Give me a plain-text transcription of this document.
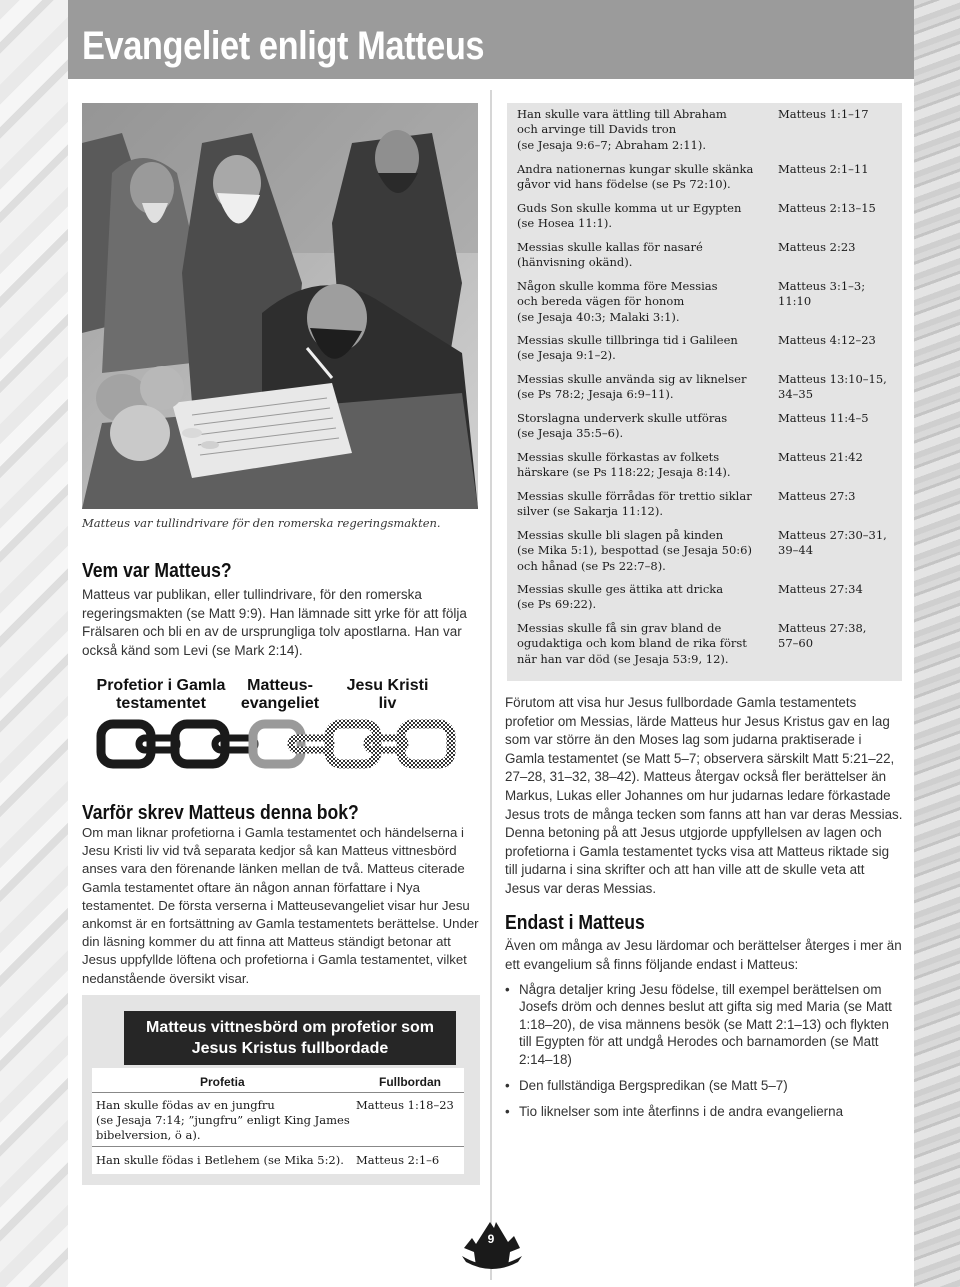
Evangeliet enligt Matteus
Matteus var tullindrivare för den romerska regeringsmakten.
Vem var Matteus?

Matteus var publikan, eller tullindrivare, för den romerska regeringsmakten (se Matt 9:9). Han lämnade sitt yrke för att följa Frälsaren och bli en av de ursprungliga tolv apostlarna. Han var också känd som Levi (se Mark 2:14).

Profetior i Gamla testamentet
Matteus-evangeliet
Jesu Kristi liv
Varför skrev Matteus denna bok?

Om man liknar profetiorna i Gamla testamentet och händelserna i Jesu Kristi liv vid två separata kedjor så kan Matteus vittnesbörd anses vara den förenande länken mellan de två. Matteus citerade Gamla testamentet oftare än någon annan författare i Nya testamentet. De första verserna i Matteusevangeliet visar hur Jesu ankomst är en fortsättning av Gamla testamentets berättelse. Under din läsning kommer du att finna att Matteus ständigt betonar att Jesus uppfyllde löftena och profetiorna i Gamla testamentet, vilket nedanstående översikt visar.

Matteus vittnesbörd om profetior som
Jesus Kristus fullbordade
Profetia	Fullbordan
Han skulle födas av en jungfru
(se Jesaja 7:14; ”jungfru” enligt King James
bibelversion, ö a).
Matteus 1:18–23
Han skulle födas i Betlehem (se Mika 5:2).	Matteus 2:1–6
Han skulle vara ättling till Abraham
och arvinge till Davids tron
(se Jesaja 9:6–7; Abraham 2:11).
Matteus 1:1–17
Andra nationernas kungar skulle skänka
gåvor vid hans födelse (se Ps 72:10).
Matteus 2:1–11
Guds Son skulle komma ut ur Egypten
(se Hosea 11:1).
Matteus 2:13–15
Messias skulle kallas för nasaré
(hänvisning okänd).
Matteus 2:23
Någon skulle komma före Messias
och bereda vägen för honom
(se Jesaja 40:3; Malaki 3:1).
Matteus 3:1–3;
11:10
Messias skulle tillbringa tid i Galileen
(se Jesaja 9:1–2).
Matteus 4:12–23
Messias skulle använda sig av liknelser
(se Ps 78:2; Jesaja 6:9–11).
Matteus 13:10–15,
34–35
Storslagna underverk skulle utföras
(se Jesaja 35:5–6).
Matteus 11:4–5
Messias skulle förkastas av folkets
härskare (se Ps 118:22; Jesaja 8:14).
Matteus 21:42
Messias skulle förrådas för trettio siklar
silver (se Sakarja 11:12).
Matteus 27:3
Messias skulle bli slagen på kinden
(se Mika 5:1), bespottad (se Jesaja 50:6)
och hånad (se Ps 22:7–8).
Matteus 27:30–31,
39–44
Messias skulle ges ättika att dricka
(se Ps 69:22).
Matteus 27:34
Messias skulle få sin grav bland de
ogudaktiga och kom bland de rika först
när han var död (se Jesaja 53:9, 12).
Matteus 27:38,
57–60

Förutom att visa hur Jesus fullbordade Gamla testamentets profetior om Messias, lärde Matteus hur Jesus Kristus gav en lag som var större än den Moses lag som judarna praktiserade i Gamla testamentet (se Matt 5–7; observera särskilt Matt 5:21–22, 27–28, 31–32, 38–42). Matteus återgav också fler berättelser än Markus, Lukas eller Johannes om hur judarnas ledare förkastade Jesus trots de många tecken som fanns att han var deras Messias. Denna betoning på att Jesus utgjorde uppfyllelsen av lagen och profetiorna i Gamla testamentet tycks visa att Matteus riktade sig till judarna i sina skrifter och att han ville att de skulle veta att Jesus var deras Messias.

Endast i Matteus

Även om många av Jesu lärdomar och berättelser återges i mer än ett evangelium så finns följande endast i Matteus:

• Några detaljer kring Jesu födelse, till exempel berättelsen om Josefs dröm och dennes beslut att gifta sig med Maria (se Matt 1:18–20), de visa männens besök (se Matt 2:1–13) och flykten till Egypten för att undgå Herodes och barnamorden (se Matt 2:14–18)
• Den fullständiga Bergspredikan (se Matt 5–7)
• Tio liknelser som inte återfinns i de andra evangelierna
9
